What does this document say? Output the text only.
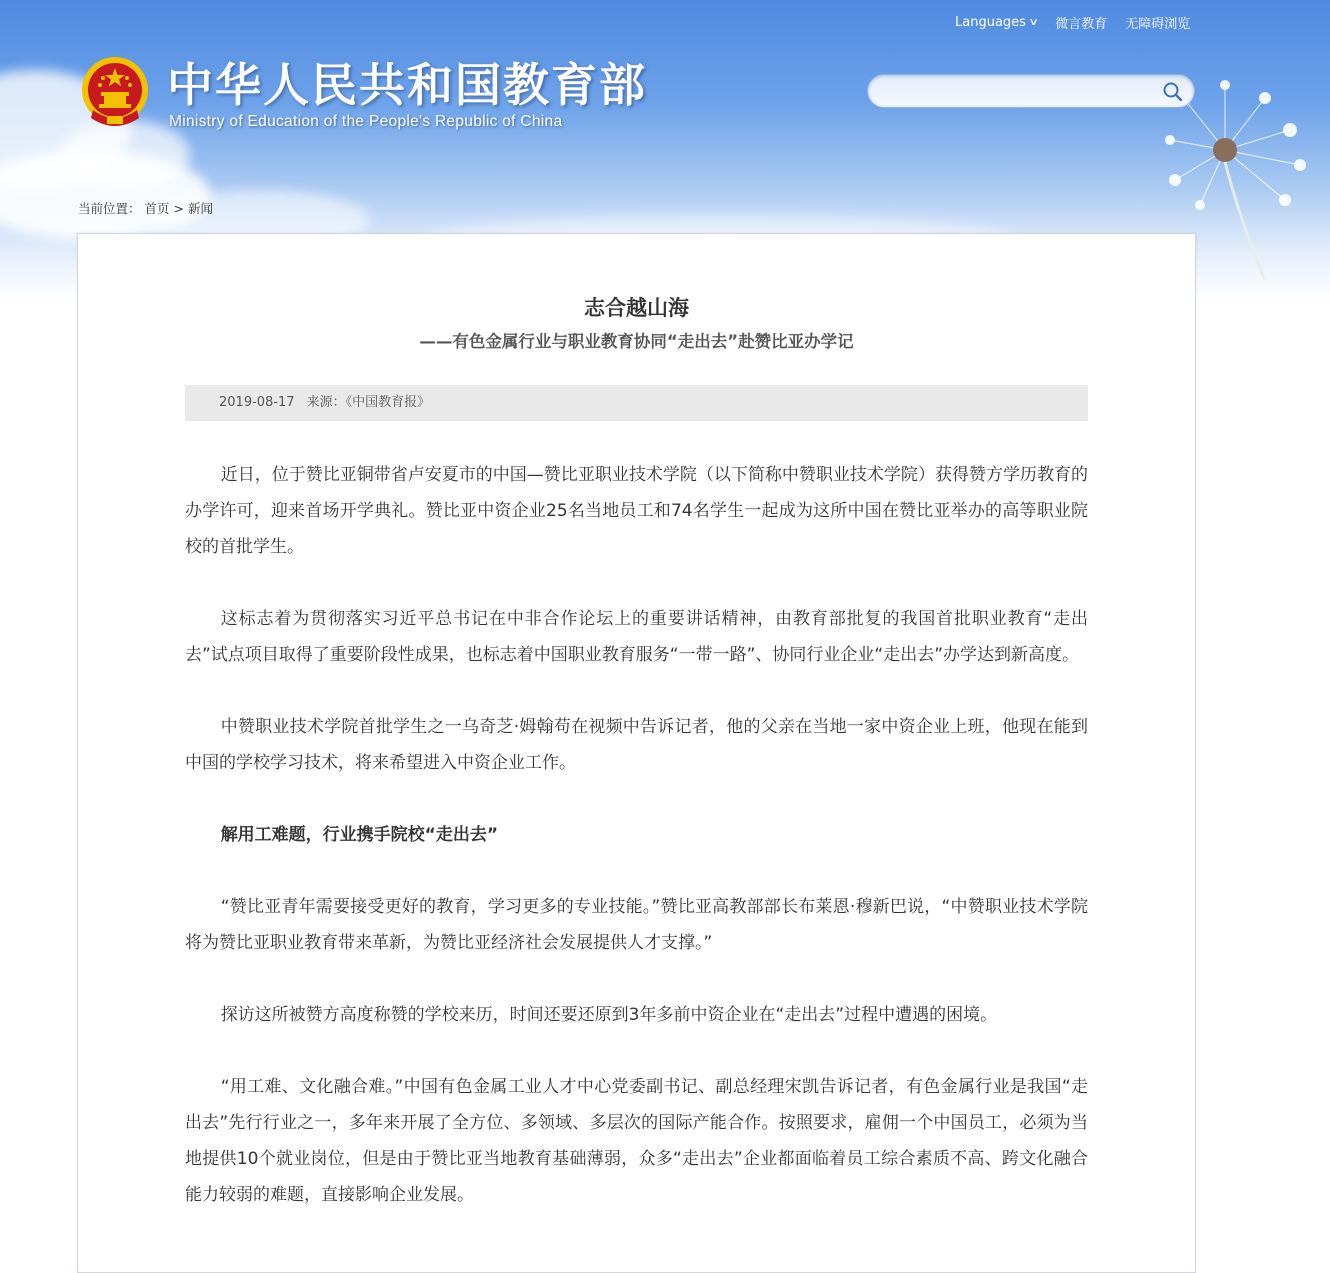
中华人民共和国教育部
Ministry of Education of the People's Republic of China
Languages ∨ 微言教育 无障碍浏览
当前位置： 首页 > 新闻
志合越山海
——有色金属行业与职业教育协同“走出去”赴赞比亚办学记
2019-08-17 来源：《中国教育报》

近日，位于赞比亚铜带省卢安夏市的中国—赞比亚职业技术学院（以下简称中赞职业技术学院）获得赞方学历教育的办学许可，迎来首场开学典礼。赞比亚中资企业25名当地员工和74名学生一起成为这所中国在赞比亚举办的高等职业院校的首批学生。

这标志着为贯彻落实习近平总书记在中非合作论坛上的重要讲话精神，由教育部批复的我国首批职业教育“走出去”试点项目取得了重要阶段性成果，也标志着中国职业教育服务“一带一路”、协同行业企业“走出去”办学达到新高度。

中赞职业技术学院首批学生之一乌奇芝·姆翰苟在视频中告诉记者，他的父亲在当地一家中资企业上班，他现在能到中国的学校学习技术，将来希望进入中资企业工作。

解用工难题，行业携手院校“走出去”

“赞比亚青年需要接受更好的教育，学习更多的专业技能。”赞比亚高教部部长布莱恩·穆新巴说，“中赞职业技术学院将为赞比亚职业教育带来革新，为赞比亚经济社会发展提供人才支撑。”

探访这所被赞方高度称赞的学校来历，时间还要还原到3年多前中资企业在“走出去”过程中遭遇的困境。

“用工难、文化融合难。”中国有色金属工业人才中心党委副书记、副总经理宋凯告诉记者，有色金属行业是我国“走出去”先行行业之一，多年来开展了全方位、多领域、多层次的国际产能合作。按照要求，雇佣一个中国员工，必须为当地提供10个就业岗位，但是由于赞比亚当地教育基础薄弱，众多“走出去”企业都面临着员工综合素质不高、跨文化融合能力较弱的难题，直接影响企业发展。
